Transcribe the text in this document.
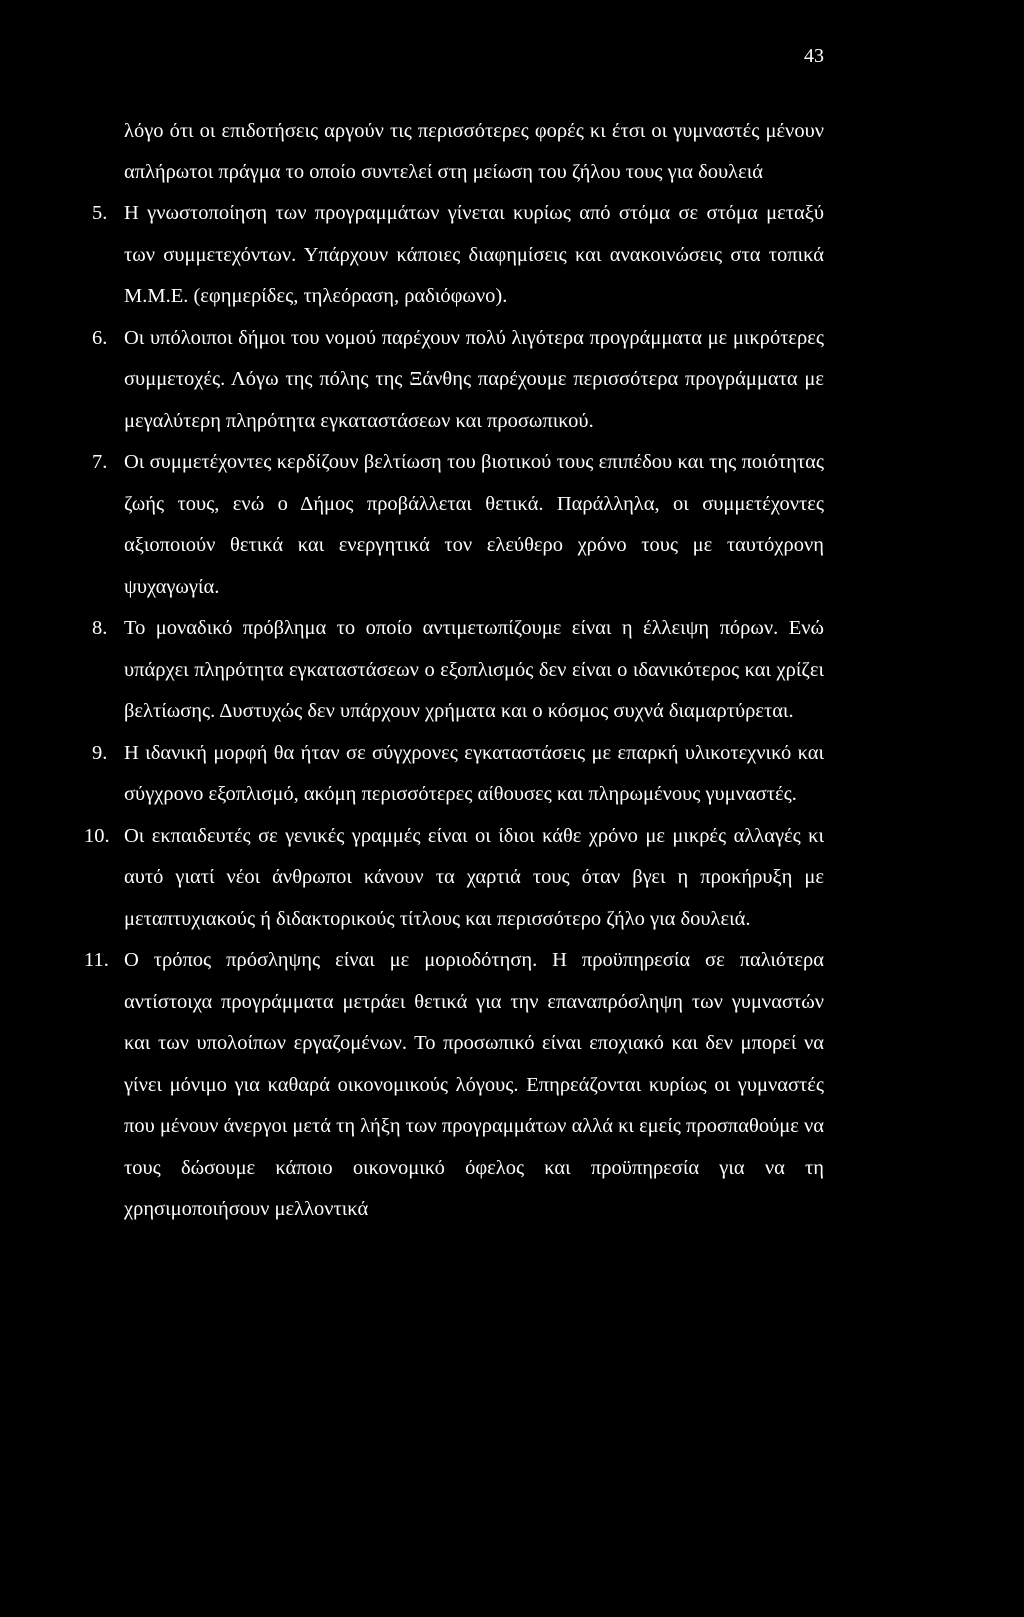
43
λόγο ότι οι επιδοτήσεις αργούν τις περισσότερες φορές κι έτσι οι γυμναστές μένουν απλήρωτοι πράγμα το οποίο συντελεί στη μείωση του ζήλου τους για δουλειά
5. Η γνωστοποίηση των προγραμμάτων γίνεται κυρίως από στόμα σε στόμα μεταξύ των συμμετεχόντων. Υπάρχουν κάποιες διαφημίσεις και ανακοινώσεις στα τοπικά Μ.Μ.Ε. (εφημερίδες, τηλεόραση, ραδιόφωνο).
6. Οι υπόλοιποι δήμοι του νομού παρέχουν πολύ λιγότερα προγράμματα με μικρότερες συμμετοχές. Λόγω της πόλης της Ξάνθης παρέχουμε περισσότερα προγράμματα με μεγαλύτερη πληρότητα εγκαταστάσεων και προσωπικού.
7. Οι συμμετέχοντες κερδίζουν βελτίωση του βιοτικού τους επιπέδου και της ποιότητας ζωής τους, ενώ ο Δήμος προβάλλεται θετικά. Παράλληλα, οι συμμετέχοντες αξιοποιούν θετικά και ενεργητικά τον ελεύθερο χρόνο τους με ταυτόχρονη ψυχαγωγία.
8. Το μοναδικό πρόβλημα το οποίο αντιμετωπίζουμε είναι η έλλειψη πόρων. Ενώ υπάρχει πληρότητα εγκαταστάσεων ο εξοπλισμός δεν είναι ο ιδανικότερος και χρίζει βελτίωσης. Δυστυχώς δεν υπάρχουν χρήματα και ο κόσμος συχνά διαμαρτύρεται.
9. Η ιδανική μορφή θα ήταν σε σύγχρονες εγκαταστάσεις με επαρκή υλικοτεχνικό και σύγχρονο εξοπλισμό, ακόμη περισσότερες αίθουσες και πληρωμένους γυμναστές.
10. Οι εκπαιδευτές σε γενικές γραμμές είναι οι ίδιοι κάθε χρόνο με μικρές αλλαγές κι αυτό γιατί νέοι άνθρωποι κάνουν τα χαρτιά τους όταν βγει η προκήρυξη με μεταπτυχιακούς ή διδακτορικούς τίτλους και περισσότερο ζήλο για δουλειά.
11. Ο τρόπος πρόσληψης είναι με μοριοδότηση. Η προϋπηρεσία σε παλιότερα αντίστοιχα προγράμματα μετράει θετικά για την επαναπρόσληψη των γυμναστών και των υπολοίπων εργαζομένων. Το προσωπικό είναι εποχιακό και δεν μπορεί να γίνει μόνιμο για καθαρά οικονομικούς λόγους. Επηρεάζονται κυρίως οι γυμναστές που μένουν άνεργοι μετά τη λήξη των προγραμμάτων αλλά κι εμείς προσπαθούμε να τους δώσουμε κάποιο οικονομικό όφελος και προϋπηρεσία για να τη χρησιμοποιήσουν μελλοντικά
